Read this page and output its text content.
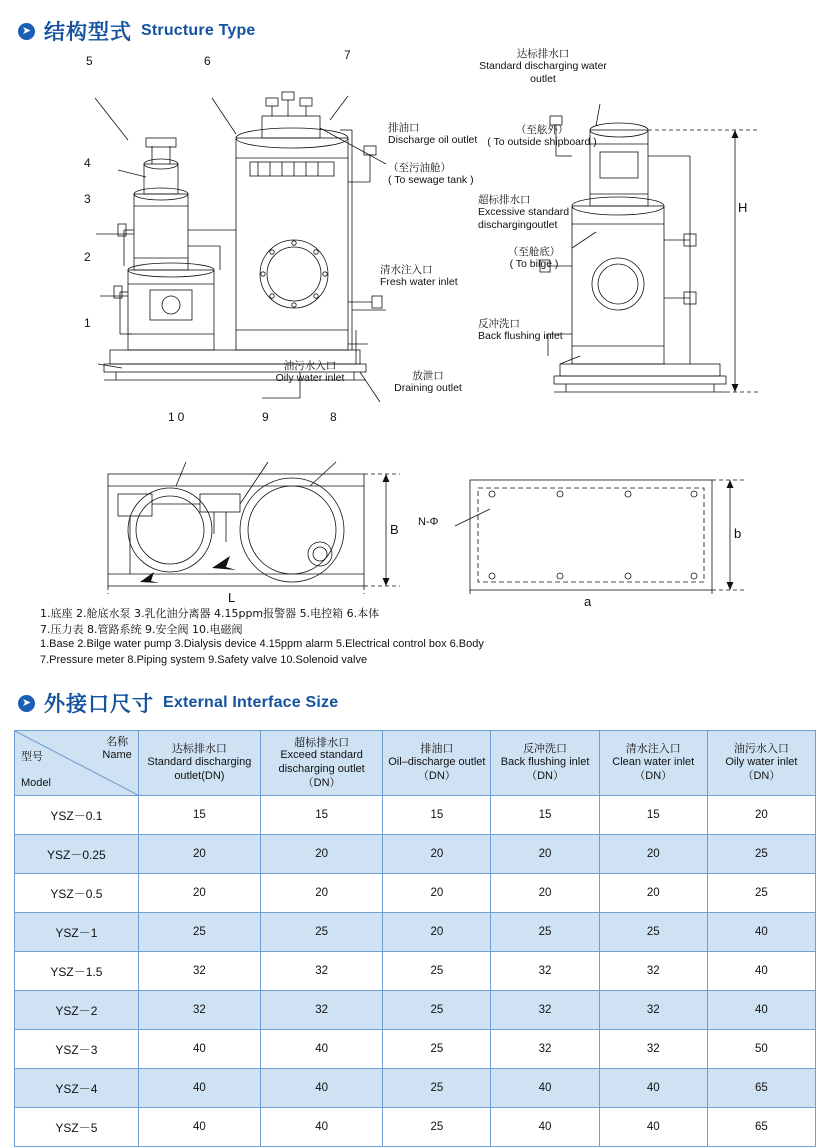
➤ 结构型式 Structure Type
5	6	7
4
3
2
1
10	9	8
H
B
L
b
a
N-Φ
排油口
Discharge oil outlet
（至污油舱）
( To sewage tank )
清水注入口
Fresh water inlet
油污水入口
Oily water inlet	放泄口
Draining outlet
达标排水口
Standard discharging water outlet
（至舷外）
( To outside shipboard )
超标排水口
Excessive standard dischargingoutlet
（至舱底）
( To bilge )
反冲洗口
Back flushing inlet
1.底座 2.舱底水泵 3.乳化油分离器 4.15ppm报警器 5.电控箱 6.本体
7.压力表 8.管路系统 9.安全阀 10.电磁阀
1.Base 2.Bilge water pump 3.Dialysis device 4.15ppm alarm 5.Electrical control box 6.Body
7.Pressure meter 8.Piping system 9.Safety valve 10.Solenoid valve
➤ 外接口尺寸 External Interface Size
名称
Name
型号

Model	达标排水口
Standard discharging outlet(DN)	超标排水口
Exceed standard discharging outlet （DN）	排油口
Oil–discharge outlet（DN）	反冲洗口
Back flushing inlet（DN）	清水注入口
Clean water inlet（DN）	油污水入口
Oily water inlet（DN）

YSZ－0.1	15	15	15	15	15	20
YSZ－0.25	20	20	20	20	20	25
YSZ－0.5	20	20	20	20	20	25
YSZ－1	25	25	20	25	25	40
YSZ－1.5	32	32	25	32	32	40
YSZ－2	32	32	25	32	32	40
YSZ－3	40	40	25	32	32	50
YSZ－4	40	40	25	40	40	65
YSZ－5	40	40	25	40	40	65
